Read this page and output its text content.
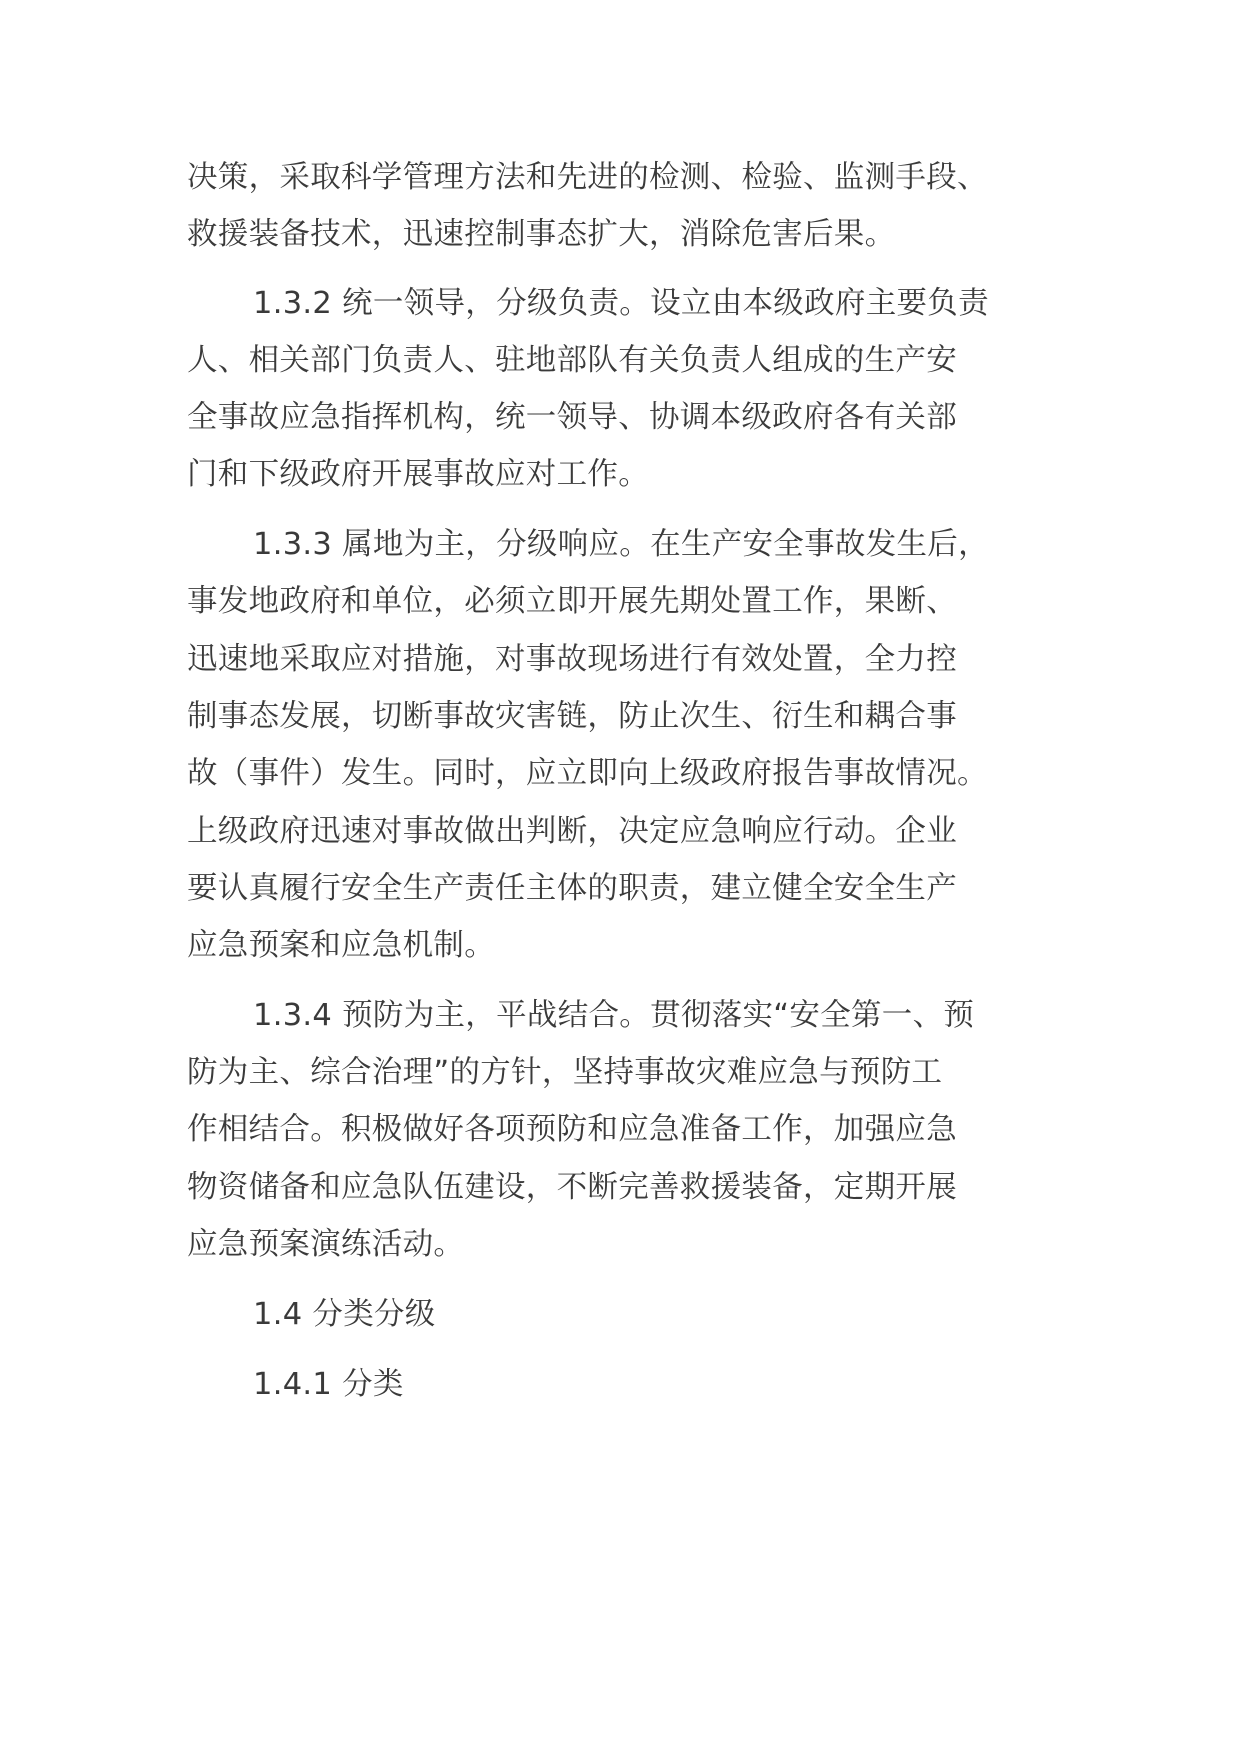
决策，采取科学管理方法和先进的检测、检验、监测手段、
救援装备技术，迅速控制事态扩大，消除危害后果。
1.3.2 统一领导，分级负责。设立由本级政府主要负责
人、相关部门负责人、驻地部队有关负责人组成的生产安
全事故应急指挥机构，统一领导、协调本级政府各有关部
门和下级政府开展事故应对工作。
1.3.3 属地为主，分级响应。在生产安全事故发生后，
事发地政府和单位，必须立即开展先期处置工作，果断、
迅速地采取应对措施，对事故现场进行有效处置，全力控
制事态发展，切断事故灾害链，防止次生、衍生和耦合事
故（事件）发生。同时，应立即向上级政府报告事故情况。
上级政府迅速对事故做出判断，决定应急响应行动。企业
要认真履行安全生产责任主体的职责，建立健全安全生产
应急预案和应急机制。
1.3.4 预防为主，平战结合。贯彻落实“安全第一、预
防为主、综合治理”的方针，坚持事故灾难应急与预防工
作相结合。积极做好各项预防和应急准备工作，加强应急
物资储备和应急队伍建设，不断完善救援装备，定期开展
应急预案演练活动。
1.4 分类分级
1.4.1 分类
